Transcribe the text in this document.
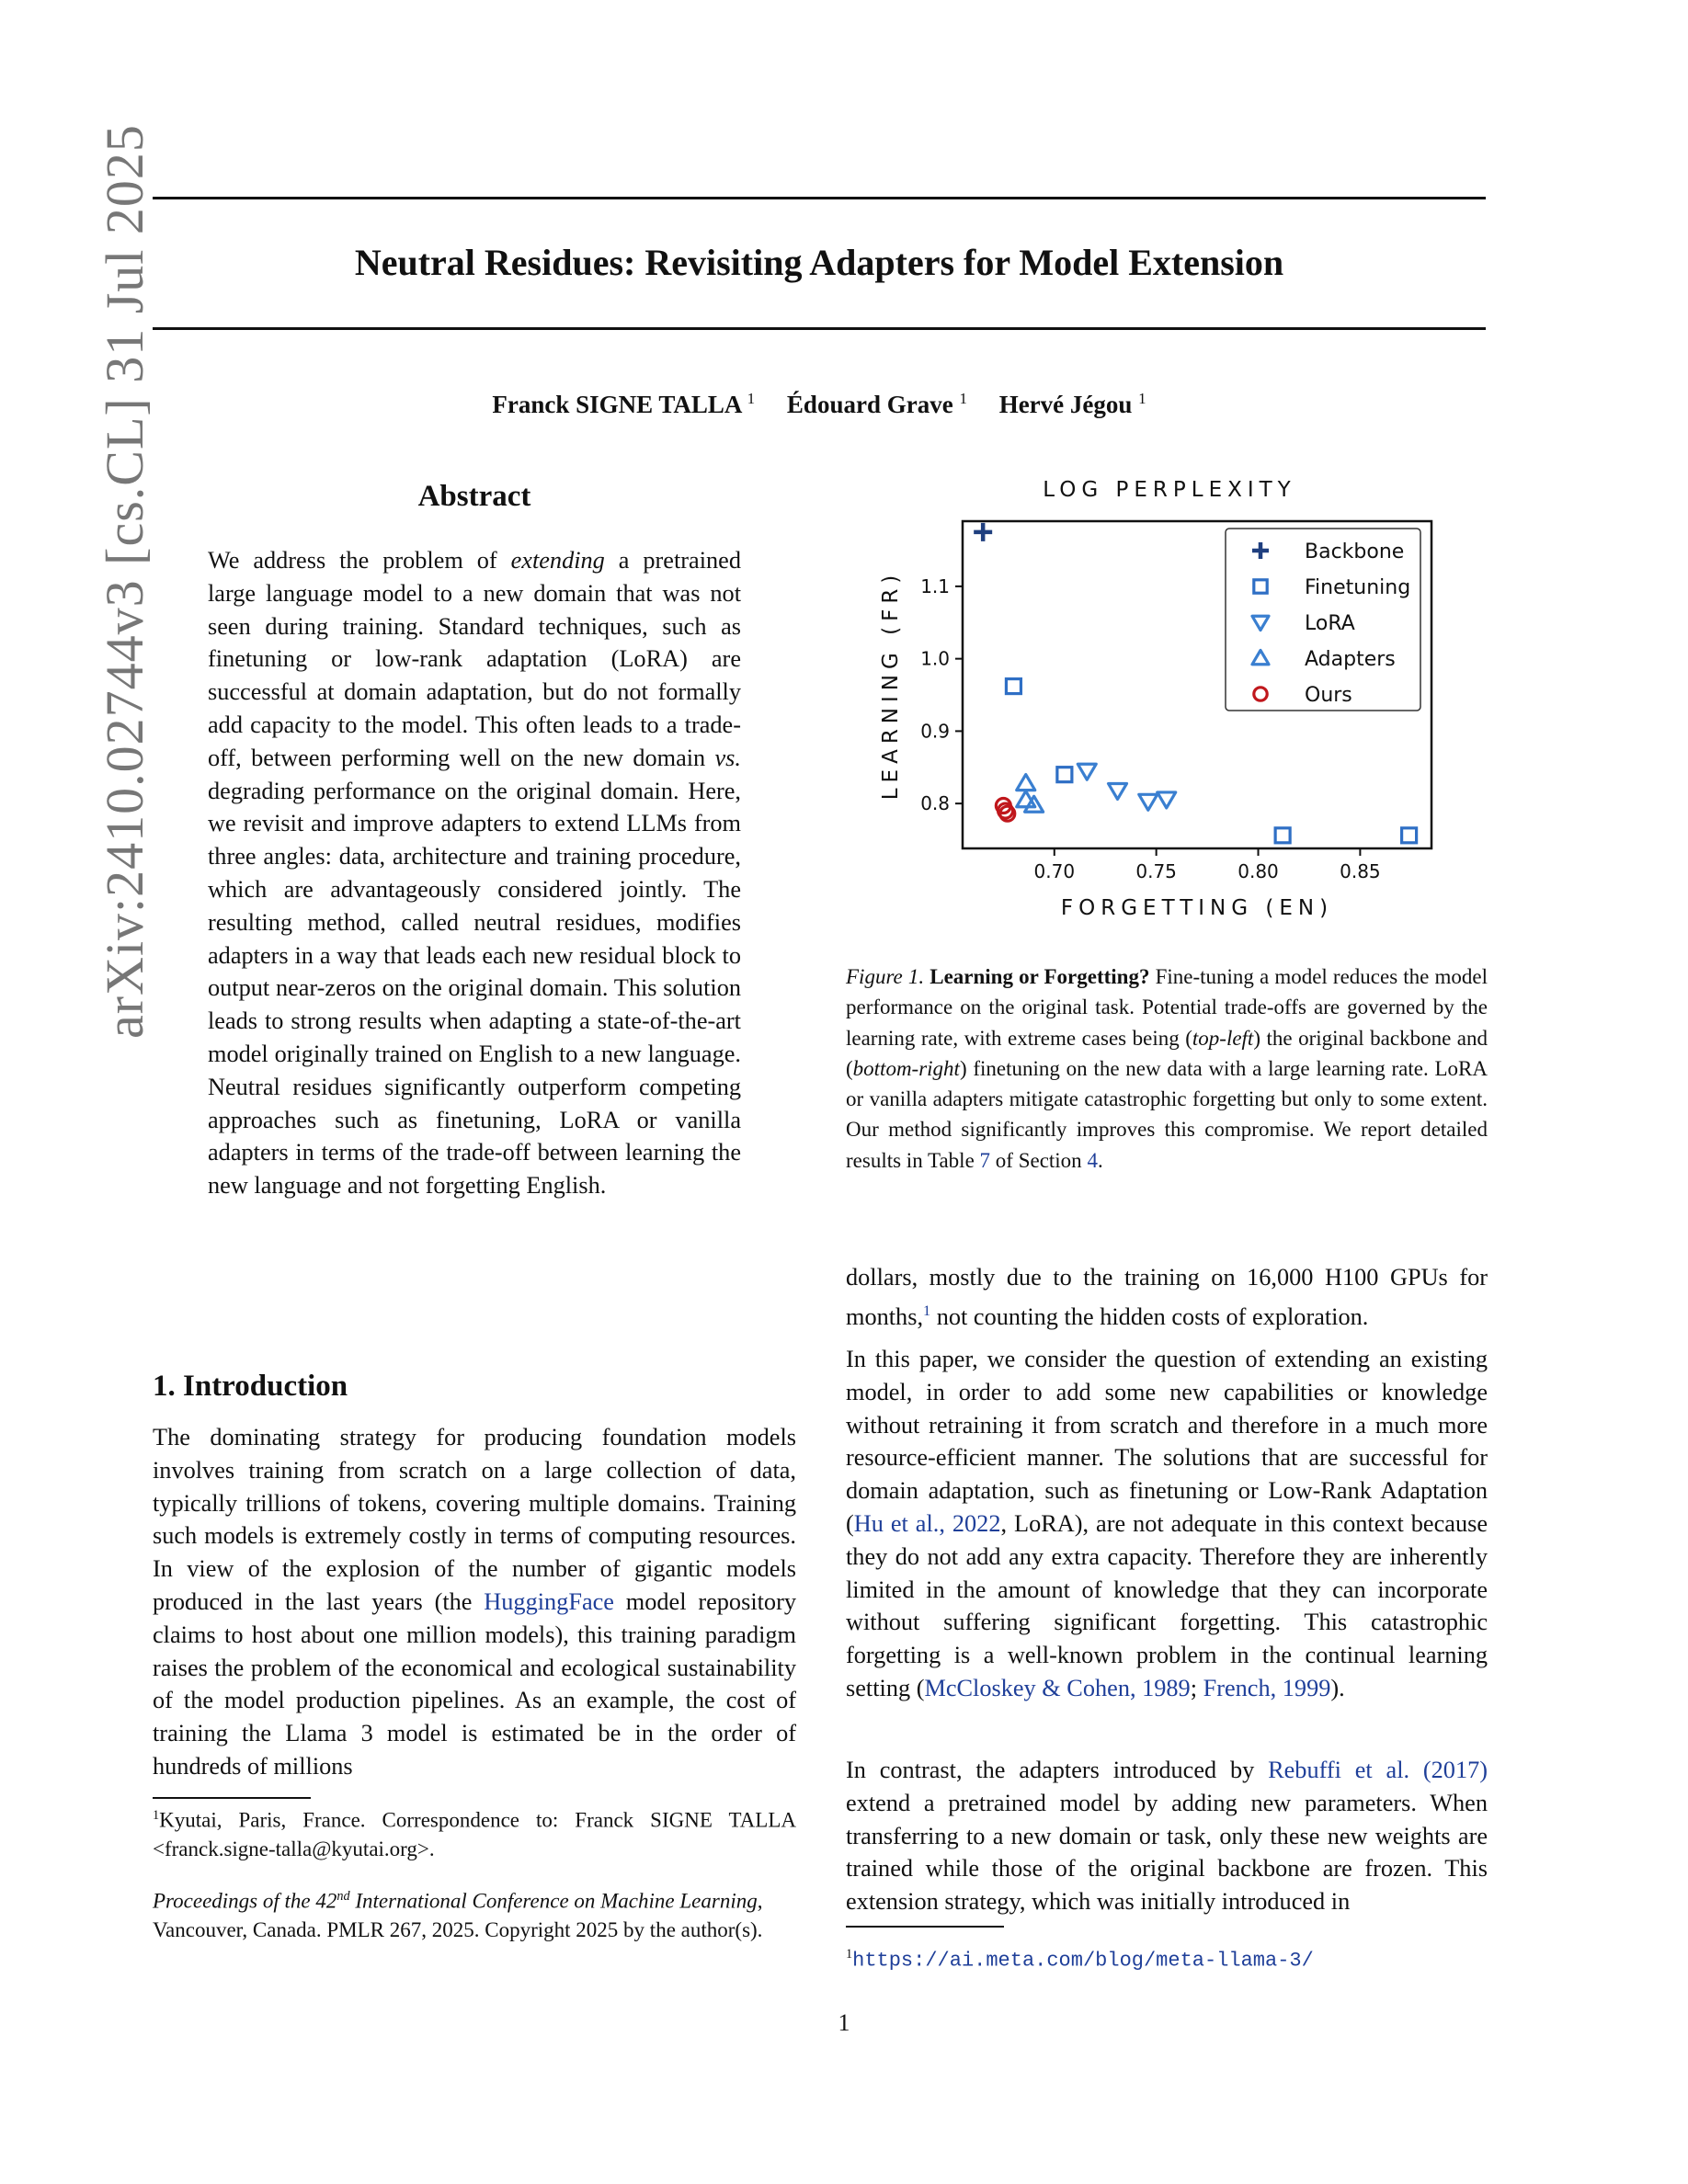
Neutral Residues: Revisiting Adapters for Model Extension
Franck SIGNE TALLA $^1$ Édouard Grave $^1$ Hervé Jégou $^1$
arXiv:2410.02744v3 [cs.CL] 31 Jul 2025	Abstract
We address the problem of extending a pretrained large language model to a new domain that was not seen during training. Standard techniques, such as finetuning or low-rank adaptation (LoRA) are successful at domain adaptation, but do not formally add capacity to the model. This often leads to a trade-off, between performing well on the new domain vs. degrading performance on the original domain. Here, we revisit and improve adapters to extend LLMs from three angles: data, architecture and training procedure, which are advantageously considered jointly. The resulting method, called neutral residues, modifies adapters in a way that leads each new residual block to output near-zeros on the original domain. This solution leads to strong results when adapting a state-of-the-art model originally trained on English to a new language. Neutral residues significantly outperform competing approaches such as finetuning, LoRA or vanilla adapters in terms of the trade-off between learning the new language and not forgetting English.
1. Introduction
The dominating strategy for producing foundation models involves training from scratch on a large collection of data, typically trillions of tokens, covering multiple domains. Training such models is extremely costly in terms of computing resources. In view of the explosion of the number of gigantic models produced in the last years (the HuggingFace model repository claims to host about one million models), this training paradigm raises the problem of the economical and ecological sustainability of the model production pipelines. As an example, the cost of training the Llama 3 model is estimated be in the order of hundreds of millions
$^1$Kyutai, Paris, France. Correspondence to: Franck SIGNE TALLA <franck.signe-talla@kyutai.org>.
Proceedings of the 42nd International Conference on Machine Learning, Vancouver, Canada. PMLR 267, 2025. Copyright 2025 by the author(s).
LOG PERPLEXITY
FORGETTING (EN)
LEARNING (FR)
0.70	0.75	0.80	0.85
0.8
0.9
1.0
1.1
Backbone
Finetuning
LoRA
Adapters
Ours
Figure 1. Learning or Forgetting? Fine-tuning a model reduces the model performance on the original task. Potential trade-offs are governed by the learning rate, with extreme cases being (top-left) the original backbone and (bottom-right) finetuning on the new data with a large learning rate. LoRA or vanilla adapters mitigate catastrophic forgetting but only to some extent. Our method significantly improves this compromise. We report detailed results in Table 7 of Section 4.
dollars, mostly due to the training on 16,000 H100 GPUs for months,$^1$ not counting the hidden costs of exploration.
In this paper, we consider the question of extending an existing model, in order to add some new capabilities or knowledge without retraining it from scratch and therefore in a much more resource-efficient manner. The solutions that are successful for domain adaptation, such as finetuning or Low-Rank Adaptation (Hu et al., 2022, LoRA), are not adequate in this context because they do not add any extra capacity. Therefore they are inherently limited in the amount of knowledge that they can incorporate without suffering significant forgetting. This catastrophic forgetting is a well-known problem in the continual learning setting (McCloskey & Cohen, 1989; French, 1999).
In contrast, the adapters introduced by Rebuffi et al. (2017) extend a pretrained model by adding new parameters. When transferring to a new domain or task, only these new weights are trained while those of the original backbone are frozen. This extension strategy, which was initially introduced in
$^1$https://ai.meta.com/blog/meta-llama-3/
1
